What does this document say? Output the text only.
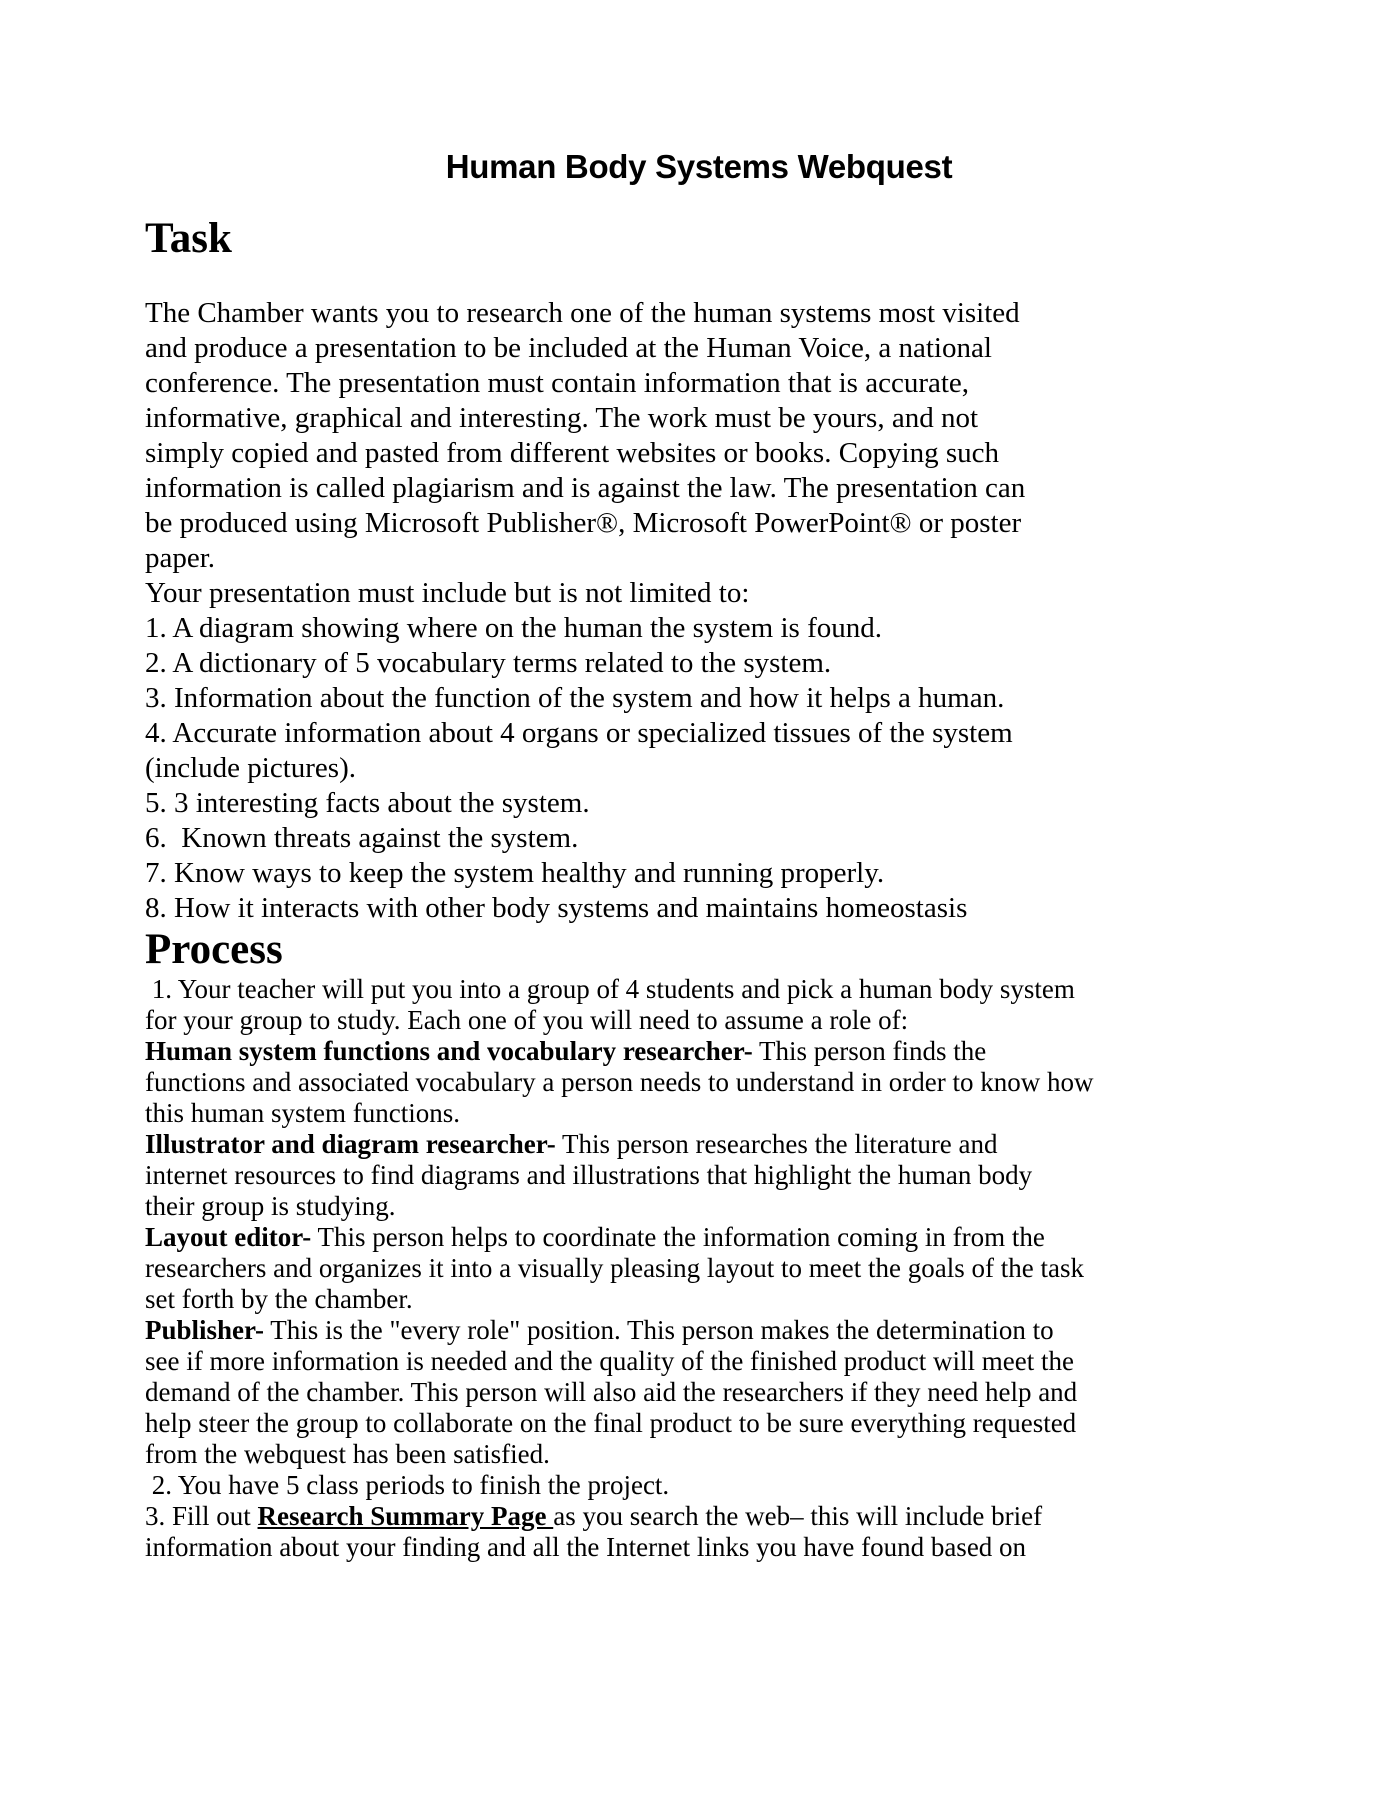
Human Body Systems Webquest
Task
The Chamber wants you to research one of the human systems most visited
and produce a presentation to be included at the Human Voice, a national
conference. The presentation must contain information that is accurate,
informative, graphical and interesting. The work must be yours, and not
simply copied and pasted from different websites or books. Copying such
information is called plagiarism and is against the law. The presentation can
be produced using Microsoft Publisher®, Microsoft PowerPoint® or poster
paper.
Your presentation must include but is not limited to:
1. A diagram showing where on the human the system is found.
2. A dictionary of 5 vocabulary terms related to the system.
3. Information about the function of the system and how it helps a human.
4. Accurate information about 4 organs or specialized tissues of the system
(include pictures).
5. 3 interesting facts about the system.
6.  Known threats against the system.
7. Know ways to keep the system healthy and running properly.
8. How it interacts with other body systems and maintains homeostasis
Process
1. Your teacher will put you into a group of 4 students and pick a human body system
for your group to study. Each one of you will need to assume a role of:
Human system functions and vocabulary researcher- This person finds the
functions and associated vocabulary a person needs to understand in order to know how
this human system functions.
Illustrator and diagram researcher- This person researches the literature and
internet resources to find diagrams and illustrations that highlight the human body
their group is studying.
Layout editor- This person helps to coordinate the information coming in from the
researchers and organizes it into a visually pleasing layout to meet the goals of the task
set forth by the chamber.
Publisher- This is the "every role" position. This person makes the determination to
see if more information is needed and the quality of the finished product will meet the
demand of the chamber. This person will also aid the researchers if they need help and
help steer the group to collaborate on the final product to be sure everything requested
from the webquest has been satisfied.
2. You have 5 class periods to finish the project.
3. Fill out Research Summary Page as you search the web– this will include brief
information about your finding and all the Internet links you have found based on
